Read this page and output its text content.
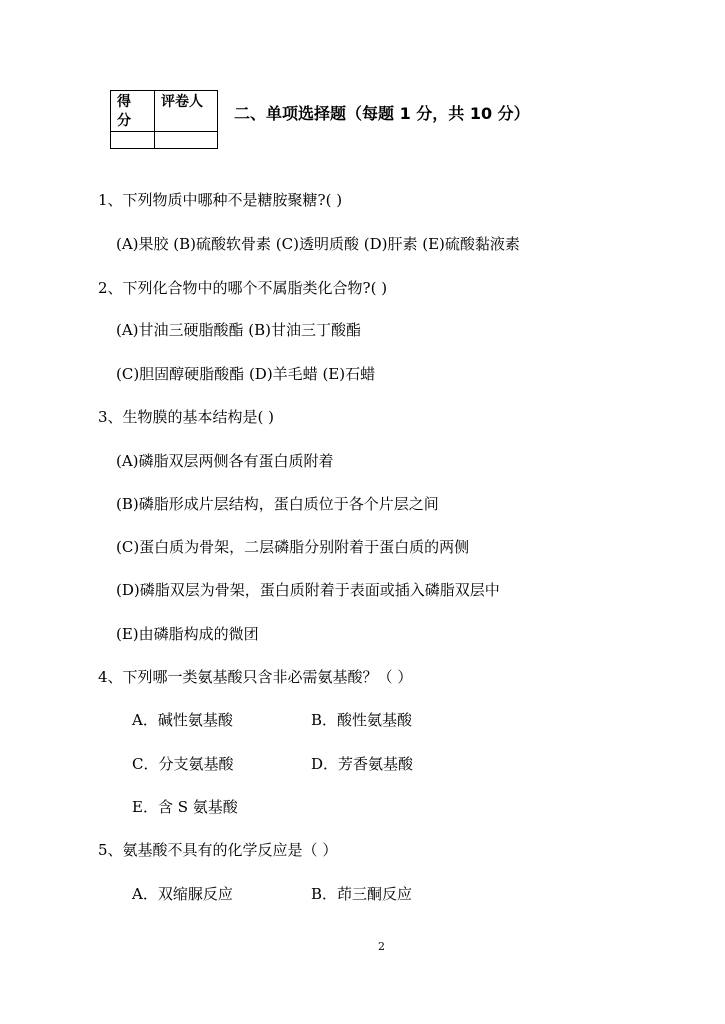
得
分	评卷人

二、单项选择题（每题 1 分，共 10 分）
1、下列物质中哪种不是糖胺聚糖?( )
(A)果胶 (B)硫酸软骨素 (C)透明质酸 (D)肝素 (E)硫酸黏液素
2、下列化合物中的哪个不属脂类化合物?( )
(A)甘油三硬脂酸酯 (B)甘油三丁酸酯
(C)胆固醇硬脂酸酯 (D)羊毛蜡 (E)石蜡
3、生物膜的基本结构是( )
(A)磷脂双层两侧各有蛋白质附着
(B)磷脂形成片层结构，蛋白质位于各个片层之间
(C)蛋白质为骨架，二层磷脂分别附着于蛋白质的两侧
(D)磷脂双层为骨架，蛋白质附着于表面或插入磷脂双层中
(E)由磷脂构成的微团
4、下列哪一类氨基酸只含非必需氨基酸？（ ）
A．碱性氨基酸	B．酸性氨基酸
C．分支氨基酸	D．芳香氨基酸
E．含 S 氨基酸
5、氨基酸不具有的化学反应是（ ）
A．双缩脲反应	B．茚三酮反应
2
